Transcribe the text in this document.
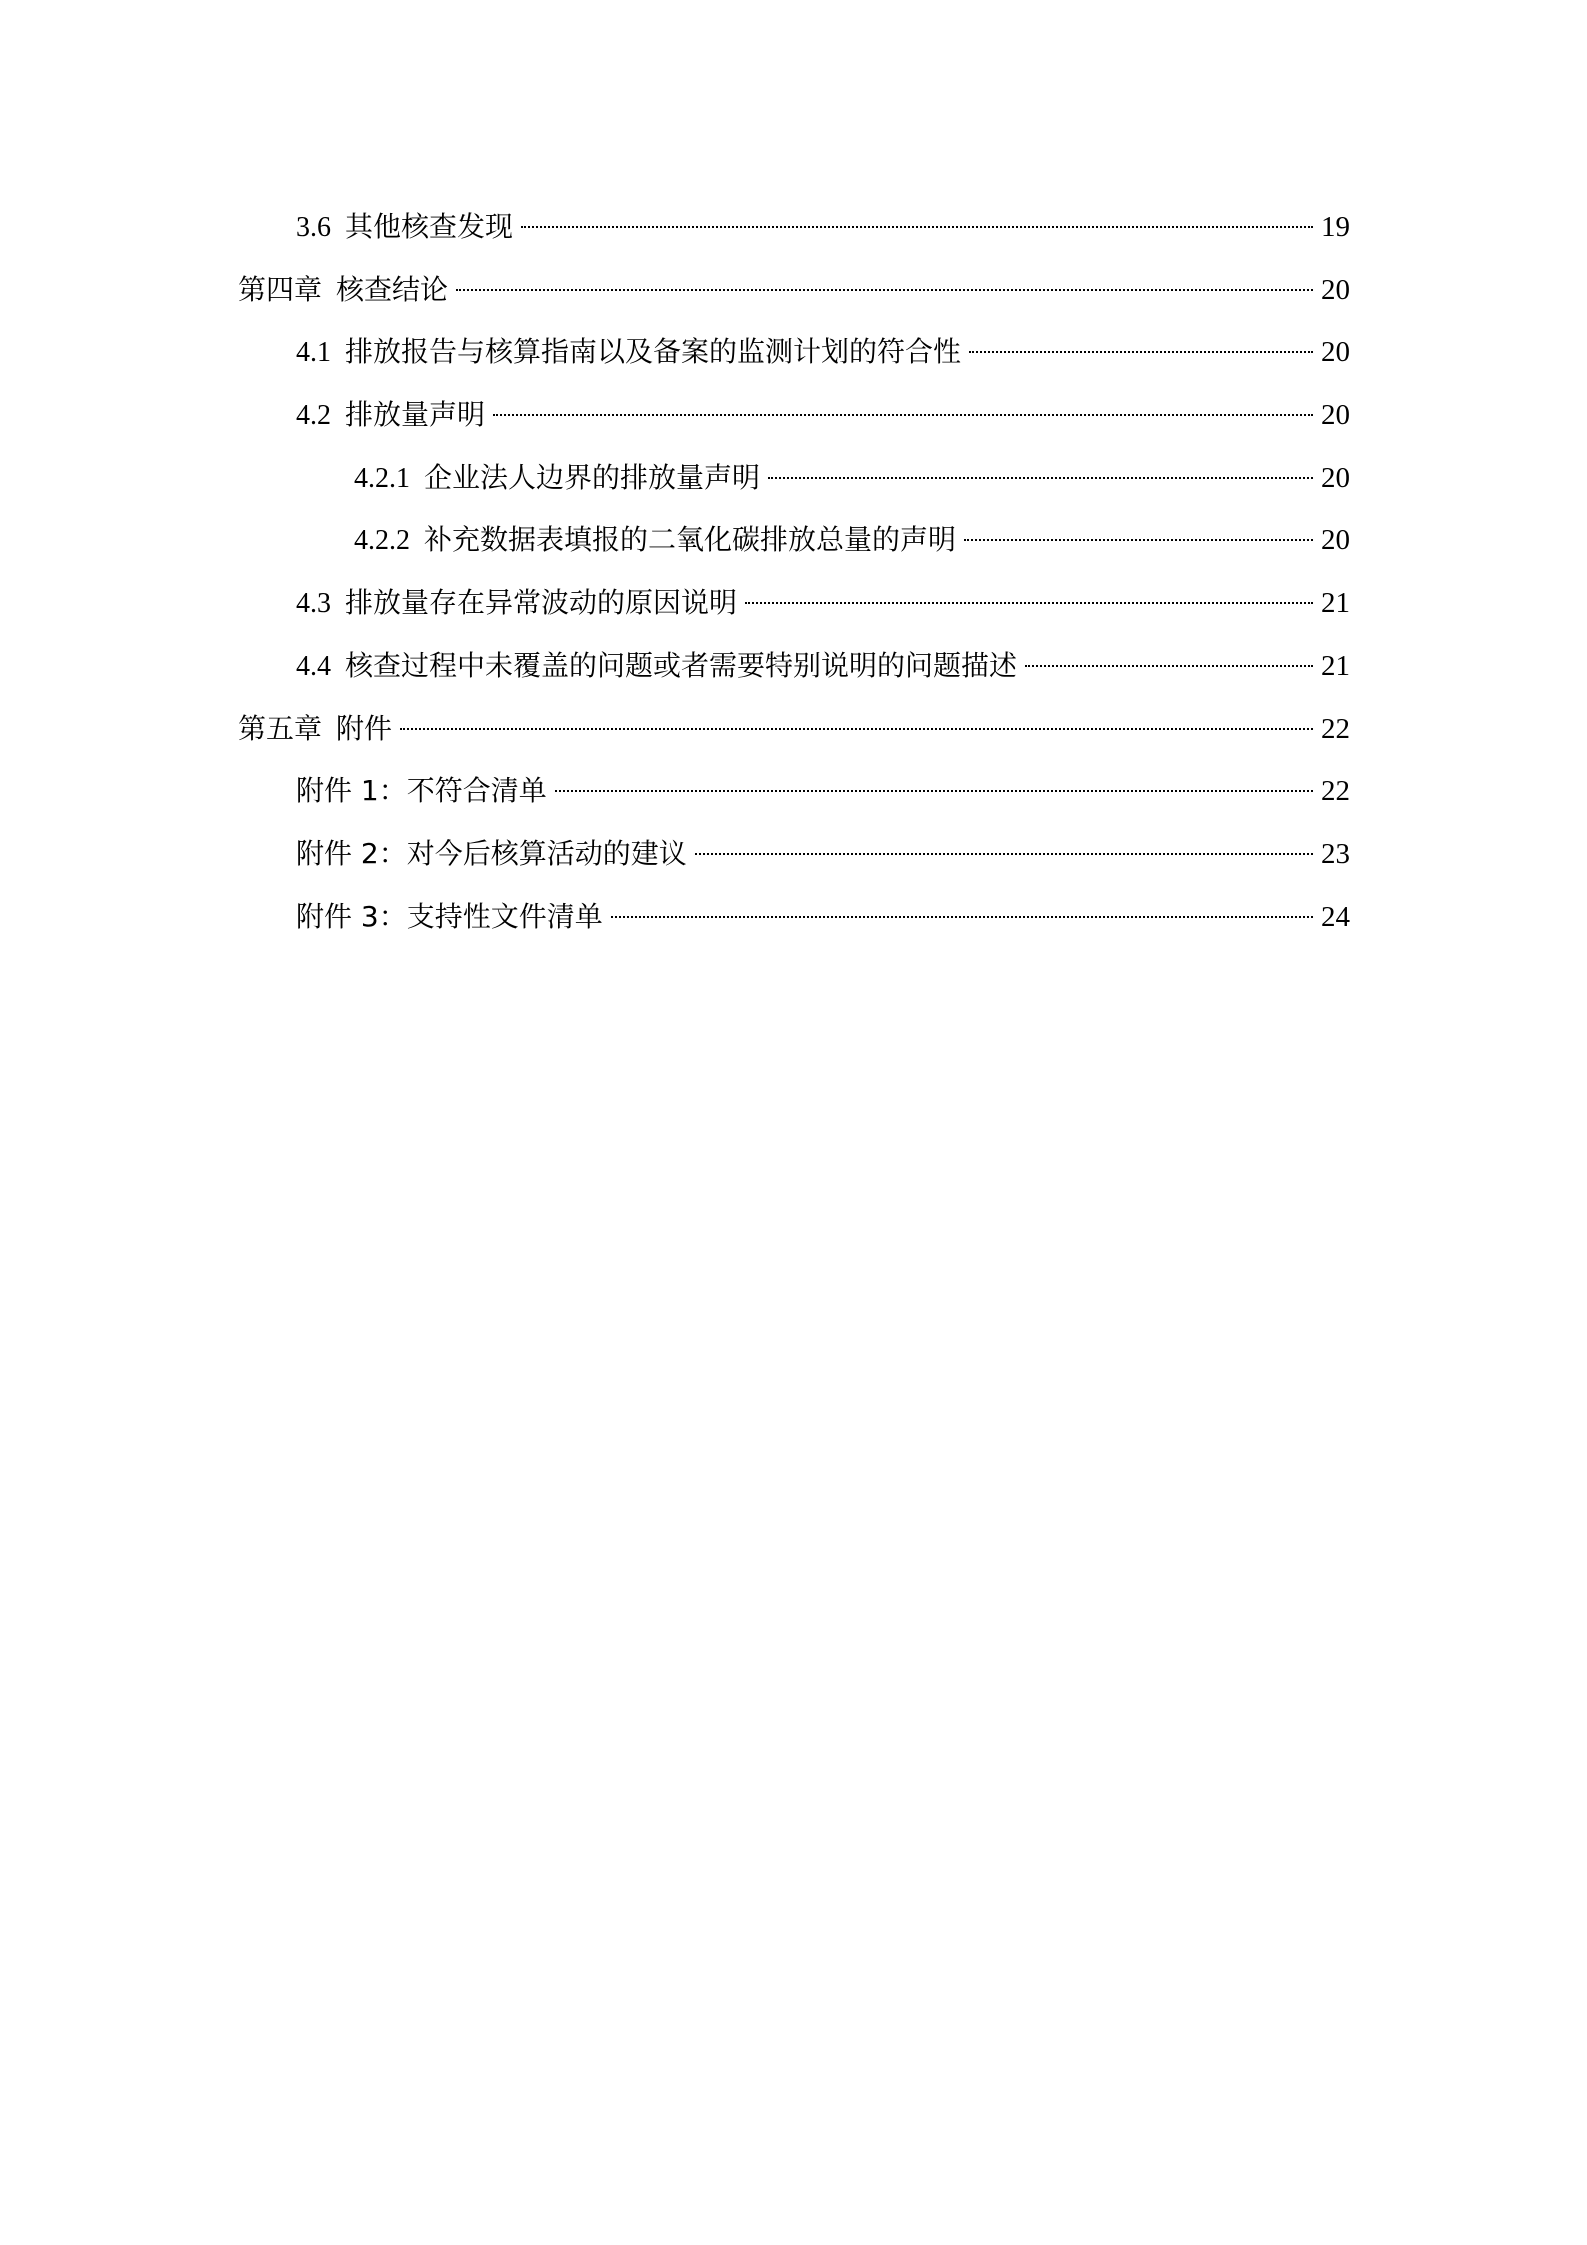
3.6 其他核查发现	19
第四章 核查结论	20
4.1 排放报告与核算指南以及备案的监测计划的符合性	20
4.2 排放量声明	20
4.2.1 企业法人边界的排放量声明	20
4.2.2 补充数据表填报的二氧化碳排放总量的声明	20
4.3 排放量存在异常波动的原因说明	21
4.4 核查过程中未覆盖的问题或者需要特别说明的问题描述	21
第五章 附件	22
附件 1：不符合清单	22
附件 2：对今后核算活动的建议	23
附件 3：支持性文件清单	24
